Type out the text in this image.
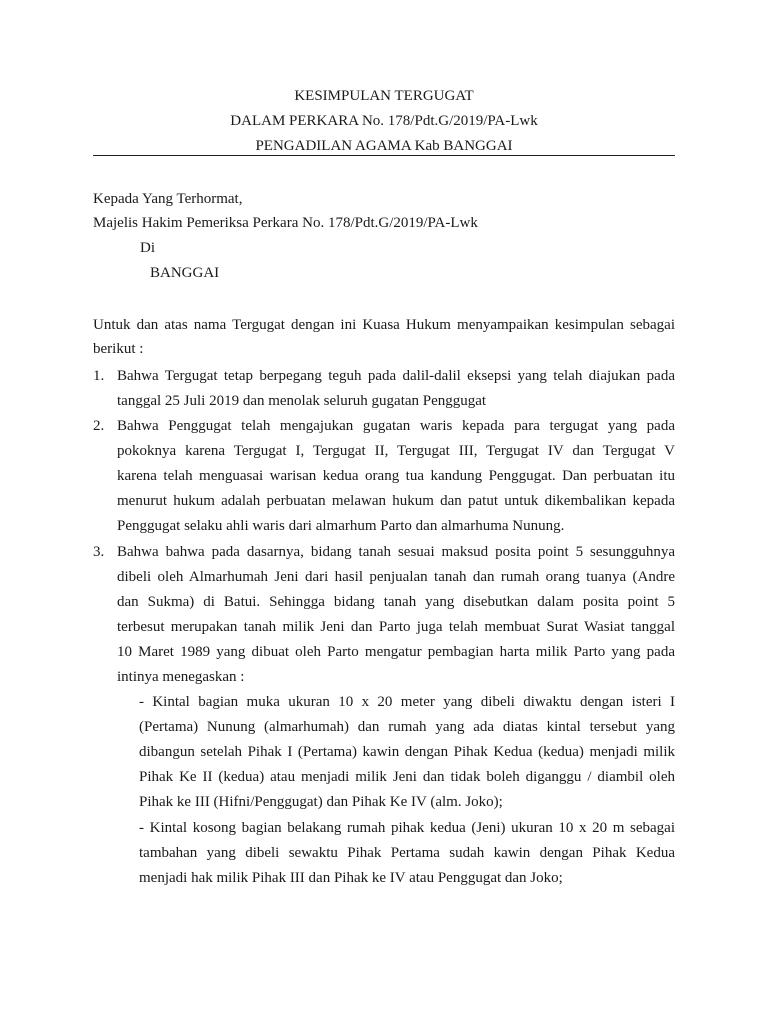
KESIMPULAN TERGUGAT
DALAM PERKARA No. 178/Pdt.G/2019/PA-Lwk
PENGADILAN AGAMA Kab BANGGAI
Kepada Yang Terhormat,
Majelis Hakim Pemeriksa Perkara No. 178/Pdt.G/2019/PA-Lwk
Di
BANGGAI
Untuk dan atas nama Tergugat dengan ini Kuasa Hukum menyampaikan kesimpulan sebagai
berikut :
1. Bahwa Tergugat tetap berpegang teguh pada dalil-dalil eksepsi yang telah diajukan pada
tanggal 25 Juli 2019 dan menolak seluruh gugatan Penggugat
2. Bahwa Penggugat telah mengajukan gugatan waris kepada para tergugat yang pada
pokoknya karena Tergugat I, Tergugat II, Tergugat III, Tergugat IV dan Tergugat V
karena telah menguasai warisan kedua orang tua kandung Penggugat. Dan perbuatan itu
menurut hukum adalah perbuatan melawan hukum dan patut untuk dikembalikan kepada
Penggugat selaku ahli waris dari almarhum Parto dan almarhuma Nunung.
3. Bahwa bahwa pada dasarnya, bidang tanah sesuai maksud posita point 5 sesungguhnya
dibeli oleh Almarhumah Jeni dari hasil penjualan tanah dan rumah orang tuanya (Andre
dan Sukma) di Batui. Sehingga bidang tanah yang disebutkan dalam posita point 5
terbesut merupakan tanah milik Jeni dan Parto juga telah membuat Surat Wasiat tanggal
10 Maret 1989 yang dibuat oleh Parto mengatur pembagian harta milik Parto yang pada
intinya menegaskan :
- Kintal bagian muka ukuran 10 x 20 meter yang dibeli diwaktu dengan isteri I
(Pertama) Nunung (almarhumah) dan rumah yang ada diatas kintal tersebut yang
dibangun setelah Pihak I (Pertama) kawin dengan Pihak Kedua (kedua) menjadi milik
Pihak Ke II (kedua) atau menjadi milik Jeni dan tidak boleh diganggu / diambil oleh
Pihak ke III (Hifni/Penggugat) dan Pihak Ke IV (alm. Joko);
- Kintal kosong bagian belakang rumah pihak kedua (Jeni) ukuran 10 x 20 m sebagai
tambahan yang dibeli sewaktu Pihak Pertama sudah kawin dengan Pihak Kedua
menjadi hak milik Pihak III dan Pihak ke IV atau Penggugat dan Joko;
